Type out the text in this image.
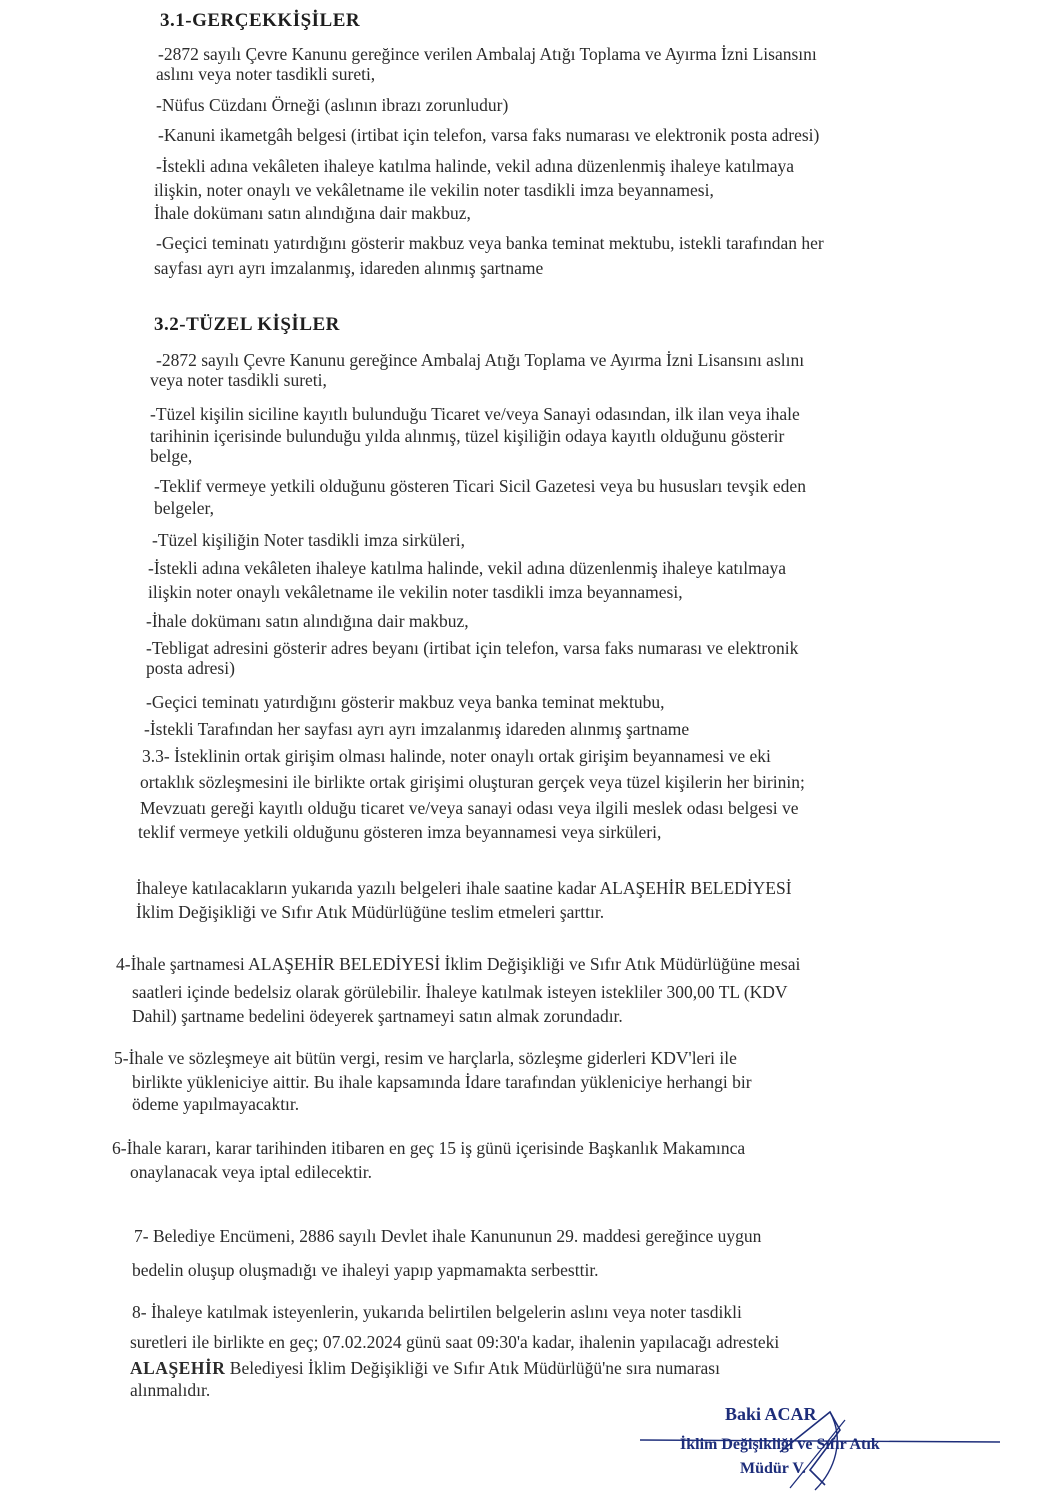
3.1-GERÇEKKİŞİLER
-2872 sayılı Çevre Kanunu gereğince verilen Ambalaj Atığı Toplama ve Ayırma İzni Lisansını
aslını veya noter tasdikli sureti,
-Nüfus Cüzdanı Örneği (aslının ibrazı zorunludur)
-Kanuni ikametgâh belgesi (irtibat için telefon, varsa faks numarası ve elektronik posta adresi)
-İstekli adına vekâleten ihaleye katılma halinde, vekil adına düzenlenmiş ihaleye katılmaya
ilişkin, noter onaylı ve vekâletname ile vekilin noter tasdikli imza beyannamesi,
İhale dokümanı satın alındığına dair makbuz,
-Geçici teminatı yatırdığını gösterir makbuz veya banka teminat mektubu, istekli tarafından her
sayfası ayrı ayrı imzalanmış, idareden alınmış şartname
3.2-TÜZEL KİŞİLER
-2872 sayılı Çevre Kanunu gereğince Ambalaj Atığı Toplama ve Ayırma İzni Lisansını aslını
veya noter tasdikli sureti,
-Tüzel kişilin siciline kayıtlı bulunduğu Ticaret ve/veya Sanayi odasından, ilk ilan veya ihale
tarihinin içerisinde bulunduğu yılda alınmış, tüzel kişiliğin odaya kayıtlı olduğunu gösterir
belge,
-Teklif vermeye yetkili olduğunu gösteren Ticari Sicil Gazetesi veya bu hususları tevşik eden
belgeler,
-Tüzel kişiliğin Noter tasdikli imza sirküleri,
-İstekli adına vekâleten ihaleye katılma halinde, vekil adına düzenlenmiş ihaleye katılmaya
ilişkin noter onaylı vekâletname ile vekilin noter tasdikli imza beyannamesi,
-İhale dokümanı satın alındığına dair makbuz,
-Tebligat adresini gösterir adres beyanı (irtibat için telefon, varsa faks numarası ve elektronik
posta adresi)
-Geçici teminatı yatırdığını gösterir makbuz veya banka teminat mektubu,
-İstekli Tarafından her sayfası ayrı ayrı imzalanmış idareden alınmış şartname
3.3- İsteklinin ortak girişim olması halinde, noter onaylı ortak girişim beyannamesi ve eki
ortaklık sözleşmesini ile birlikte ortak girişimi oluşturan gerçek veya tüzel kişilerin her birinin;
Mevzuatı gereği kayıtlı olduğu ticaret ve/veya sanayi odası veya ilgili meslek odası belgesi ve
teklif vermeye yetkili olduğunu gösteren imza beyannamesi veya sirküleri,
İhaleye katılacakların yukarıda yazılı belgeleri ihale saatine kadar ALAŞEHİR BELEDİYESİ
İklim Değişikliği ve Sıfır Atık Müdürlüğüne teslim etmeleri şarttır.
4-İhale şartnamesi ALAŞEHİR BELEDİYESİ İklim Değişikliği ve Sıfır Atık Müdürlüğüne mesai
saatleri içinde bedelsiz olarak görülebilir. İhaleye katılmak isteyen istekliler 300,00 TL (KDV
Dahil) şartname bedelini ödeyerek şartnameyi satın almak zorundadır.
5-İhale ve sözleşmeye ait bütün vergi, resim ve harçlarla, sözleşme giderleri KDV'leri ile
birlikte yükleniciye aittir. Bu ihale kapsamında İdare tarafından yükleniciye herhangi bir
ödeme yapılmayacaktır.
6-İhale kararı, karar tarihinden itibaren en geç 15 iş günü içerisinde Başkanlık Makamınca
onaylanacak veya iptal edilecektir.
7- Belediye Encümeni, 2886 sayılı Devlet ihale Kanununun 29. maddesi gereğince uygun
bedelin oluşup oluşmadığı ve ihaleyi yapıp yapmamakta serbesttir.
8- İhaleye katılmak isteyenlerin, yukarıda belirtilen belgelerin aslını veya noter tasdikli
suretleri ile birlikte en geç; 07.02.2024 günü saat 09:30'a kadar, ihalenin yapılacağı adresteki
ALAŞEHİR Belediyesi İklim Değişikliği ve Sıfır Atık Müdürlüğü'ne sıra numarası
alınmalıdır.
Baki ACAR
İklim Değişikliği ve Sıfır Atık
Müdür V.
